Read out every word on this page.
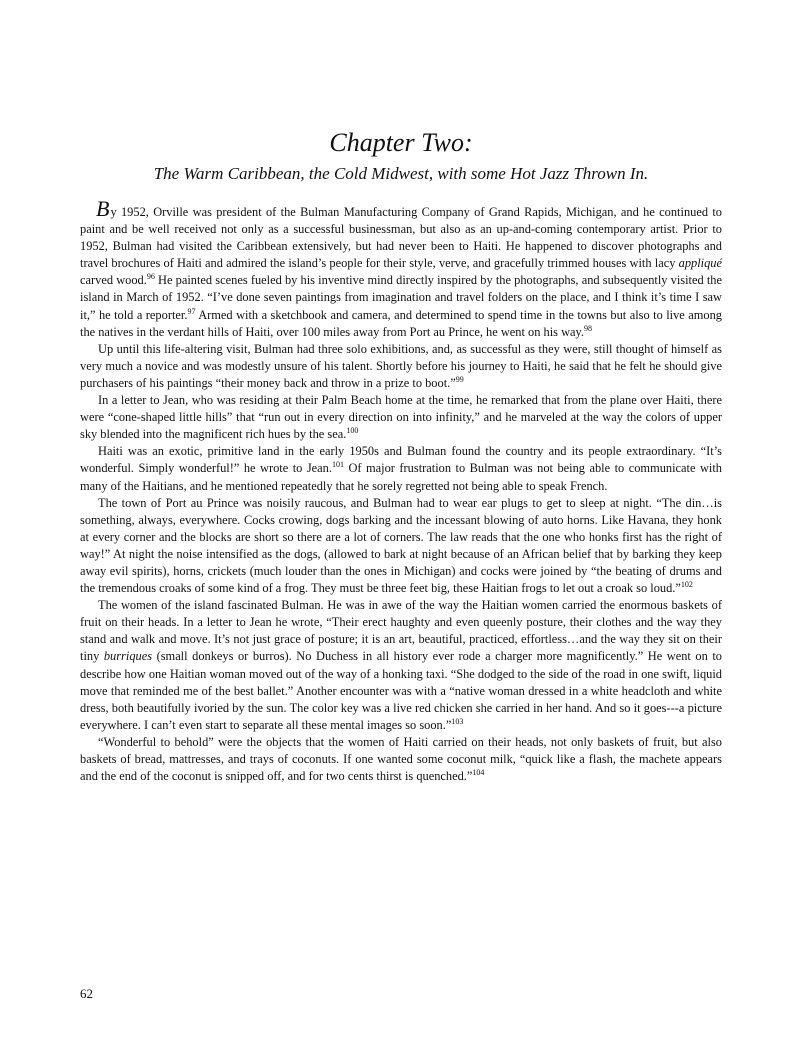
Chapter Two:
The Warm Caribbean, the Cold Midwest, with some Hot Jazz Thrown In.

By 1952, Orville was president of the Bulman Manufacturing Company of Grand Rapids, Michigan, and he continued to paint and be well received not only as a successful businessman, but also as an up-and-coming contemporary artist. Prior to 1952, Bulman had visited the Caribbean extensively, but had never been to Haiti. He happened to discover photographs and travel brochures of Haiti and admired the island’s people for their style, verve, and gracefully trimmed houses with lacy appliqué carved wood.$^{96}$ He painted scenes fueled by his inventive mind directly inspired by the photographs, and subsequently visited the island in March of 1952. “I’ve done seven paintings from imagination and travel folders on the place, and I think it’s time I saw it,” he told a reporter.$^{97}$ Armed with a sketchbook and camera, and determined to spend time in the towns but also to live among the natives in the verdant hills of Haiti, over 100 miles away from Port au Prince, he went on his way.$^{98}$

Up until this life-altering visit, Bulman had three solo exhibitions, and, as successful as they were, still thought of himself as very much a novice and was modestly unsure of his talent. Shortly before his journey to Haiti, he said that he felt he should give purchasers of his paintings “their money back and throw in a prize to boot.”$^{99}$

In a letter to Jean, who was residing at their Palm Beach home at the time, he remarked that from the plane over Haiti, there were “cone-shaped little hills” that “run out in every direction on into infinity,” and he marveled at the way the colors of upper sky blended into the magnificent rich hues by the sea.$^{100}$

Haiti was an exotic, primitive land in the early 1950s and Bulman found the country and its people extraordinary. “It’s wonderful. Simply wonderful!” he wrote to Jean.$^{101}$ Of major frustration to Bulman was not being able to communicate with many of the Haitians, and he mentioned repeatedly that he sorely regretted not being able to speak French.

The town of Port au Prince was noisily raucous, and Bulman had to wear ear plugs to get to sleep at night. “The din…is something, always, everywhere. Cocks crowing, dogs barking and the incessant blowing of auto horns. Like Havana, they honk at every corner and the blocks are short so there are a lot of corners. The law reads that the one who honks first has the right of way!” At night the noise intensified as the dogs, (allowed to bark at night because of an African belief that by barking they keep away evil spirits), horns, crickets (much louder than the ones in Michigan) and cocks were joined by “the beating of drums and the tremendous croaks of some kind of a frog. They must be three feet big, these Haitian frogs to let out a croak so loud.”$^{102}$

The women of the island fascinated Bulman. He was in awe of the way the Haitian women carried the enormous baskets of fruit on their heads. In a letter to Jean he wrote, “Their erect haughty and even queenly posture, their clothes and the way they stand and walk and move. It’s not just grace of posture; it is an art, beautiful, practiced, effortless…and the way they sit on their tiny burriques (small donkeys or burros). No Duchess in all history ever rode a charger more magnificently.” He went on to describe how one Haitian woman moved out of the way of a honking taxi. “She dodged to the side of the road in one swift, liquid move that reminded me of the best ballet.” Another encounter was with a “native woman dressed in a white headcloth and white dress, both beautifully ivoried by the sun. The color key was a live red chicken she carried in her hand. And so it goes---a picture everywhere. I can’t even start to separate all these mental images so soon.”$^{103}$

“Wonderful to behold” were the objects that the women of Haiti carried on their heads, not only baskets of fruit, but also baskets of bread, mattresses, and trays of coconuts. If one wanted some coconut milk, “quick like a flash, the machete appears and the end of the coconut is snipped off, and for two cents thirst is quenched.”$^{104}$

62
